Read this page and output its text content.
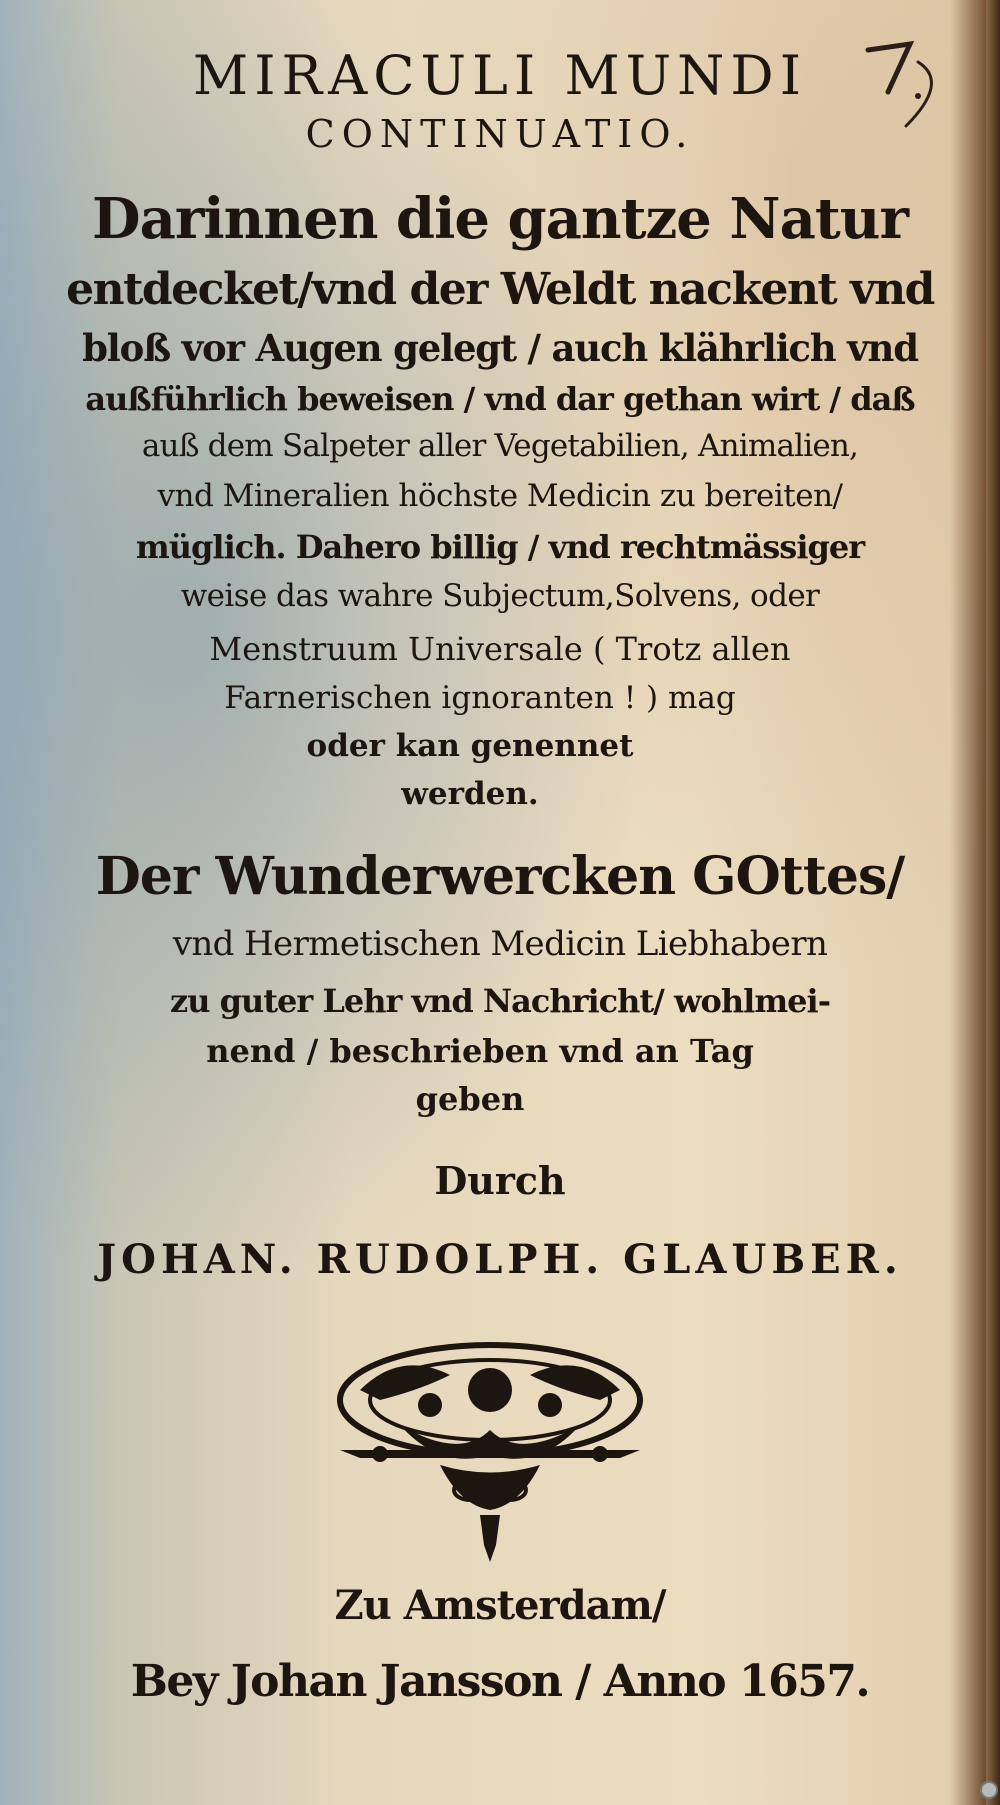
7.
MIRACULI MUNDI
CONTINUATIO.
Darinnen die gantze Natur
entdecket/vnd der Weldt nackent vnd
bloß vor Augen gelegt / auch klährlich vnd
außführlich beweisen / vnd dar gethan wirt / daß
auß dem Salpeter aller Vegetabilien, Animalien,
vnd Mineralien höchste Medicin zu bereiten/
müglich. Dahero billig / vnd rechtmässiger
weise das wahre Subjectum,Solvens, oder
Menstruum Universale ( Trotz allen
Farnerischen ignoranten ! ) mag
oder kan genennet
werden.
Der Wunderwercken GOttes/
vnd Hermetischen Medicin Liebhabern
zu guter Lehr vnd Nachricht/ wohlmei-
nend / beschrieben vnd an Tag
geben
Durch
JOHAN. RUDOLPH. GLAUBER.
Zu Amsterdam/
Bey Johan Jansson / Anno 1657.
